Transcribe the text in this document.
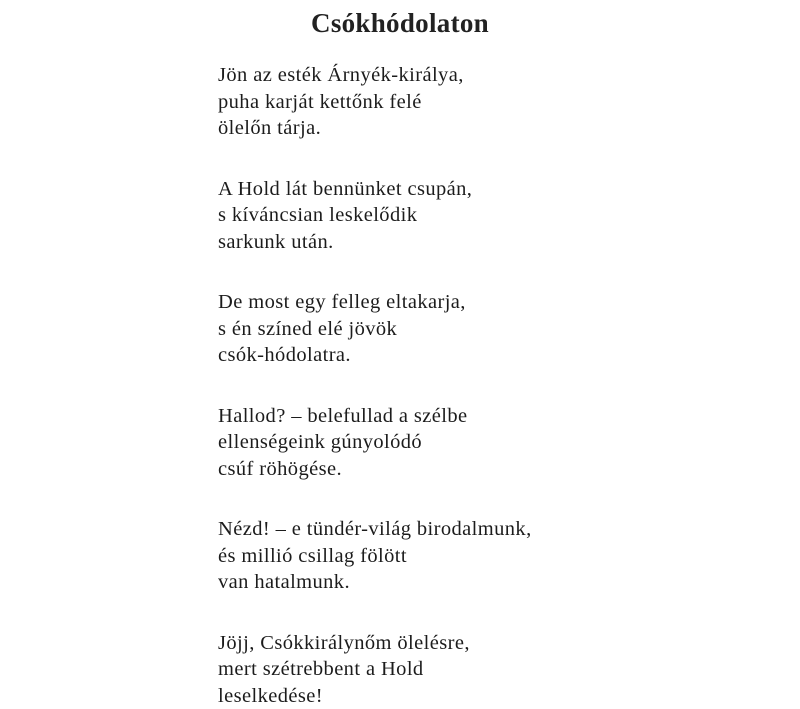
Csókhódolaton
Jön az esték Árnyék-királya,
puha karját kettőnk felé
ölelőn tárja.
A Hold lát bennünket csupán,
s kíváncsian leskelődik
sarkunk után.
De most egy felleg eltakarja,
s én színed elé jövök
csók-hódolatra.
Hallod? – belefullad a szélbe
ellenségeink gúnyolódó
csúf röhögése.
Nézd! – e tündér-világ birodalmunk,
és millió csillag fölött
van hatalmunk.
Jöjj, Csókkirálynőm ölelésre,
mert szétrebbent a Hold
leselkedése!
